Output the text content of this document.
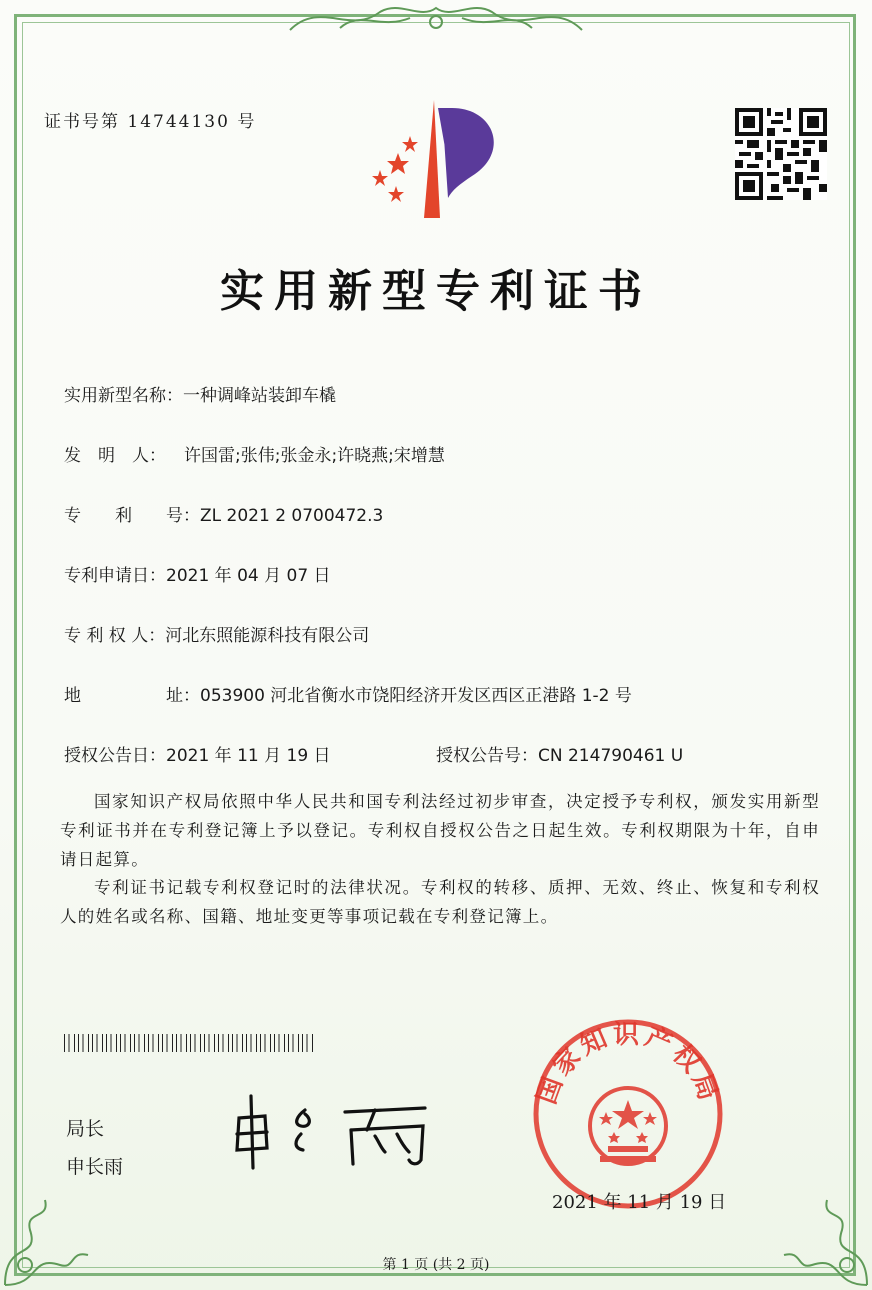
证书号第 14744130 号
实用新型专利证书
实用新型名称：一种调峰站装卸车橇
发　明　人： 许国雷;张伟;张金永;许晓燕;宋增慧
专　　利　　号：ZL 2021 2 0700472.3
专利申请日：2021 年 04 月 07 日
专 利 权 人：河北东照能源科技有限公司
地　　　　　址：053900 河北省衡水市饶阳经济开发区西区正港路 1-2 号
授权公告日：2021 年 11 月 19 日	授权公告号：CN 214790461 U
国家知识产权局依照中华人民共和国专利法经过初步审查，决定授予专利权，颁发实用新型专利证书并在专利登记簿上予以登记。专利权自授权公告之日起生效。专利权期限为十年，自申请日起算。
专利证书记载专利权登记时的法律状况。专利权的转移、质押、无效、终止、恢复和专利权人的姓名或名称、国籍、地址变更等事项记载在专利登记簿上。
局长
申长雨
国家知识产权局
2021 年 11 月 19 日
第 1 页 (共 2 页)
